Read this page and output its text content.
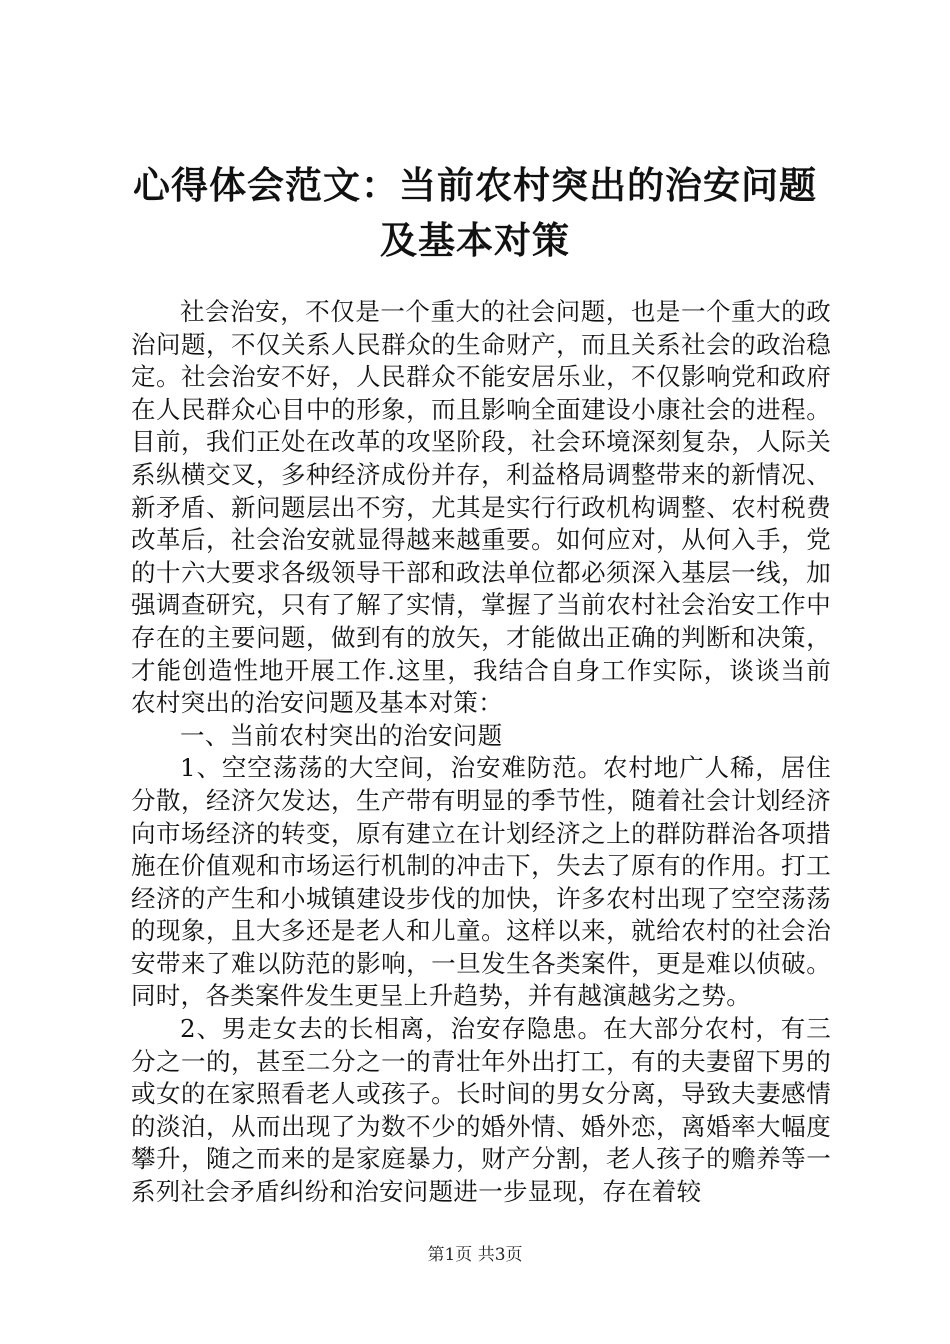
心得体会范文：当前农村突出的治安问题及基本对策

社会治安，不仅是一个重大的社会问题，也是一个重大的政治问题，不仅关系人民群众的生命财产，而且关系社会的政治稳定。社会治安不好，人民群众不能安居乐业，不仅影响党和政府在人民群众心目中的形象，而且影响全面建设小康社会的进程。目前，我们正处在改革的攻坚阶段，社会环境深刻复杂，人际关系纵横交叉，多种经济成份并存，利益格局调整带来的新情况、新矛盾、新问题层出不穷，尤其是实行行政机构调整、农村税费改革后，社会治安就显得越来越重要。如何应对，从何入手，党的十六大要求各级领导干部和政法单位都必须深入基层一线，加强调查研究，只有了解了实情，掌握了当前农村社会治安工作中存在的主要问题，做到有的放矢，才能做出正确的判断和决策，才能创造性地开展工作.这里，我结合自身工作实际，谈谈当前农村突出的治安问题及基本对策：

一、当前农村突出的治安问题

1、空空荡荡的大空间，治安难防范。农村地广人稀，居住分散，经济欠发达，生产带有明显的季节性，随着社会计划经济向市场经济的转变，原有建立在计划经济之上的群防群治各项措施在价值观和市场运行机制的冲击下，失去了原有的作用。打工经济的产生和小城镇建设步伐的加快，许多农村出现了空空荡荡的现象，且大多还是老人和儿童。这样以来，就给农村的社会治安带来了难以防范的影响，一旦发生各类案件，更是难以侦破。同时，各类案件发生更呈上升趋势，并有越演越劣之势。

2、男走女去的长相离，治安存隐患。在大部分农村，有三分之一的，甚至二分之一的青壮年外出打工，有的夫妻留下男的或女的在家照看老人或孩子。长时间的男女分离，导致夫妻感情的淡泊，从而出现了为数不少的婚外情、婚外恋，离婚率大幅度攀升，随之而来的是家庭暴力，财产分割，老人孩子的赡养等一系列社会矛盾纠纷和治安问题进一步显现，存在着较

第1页 共3页
